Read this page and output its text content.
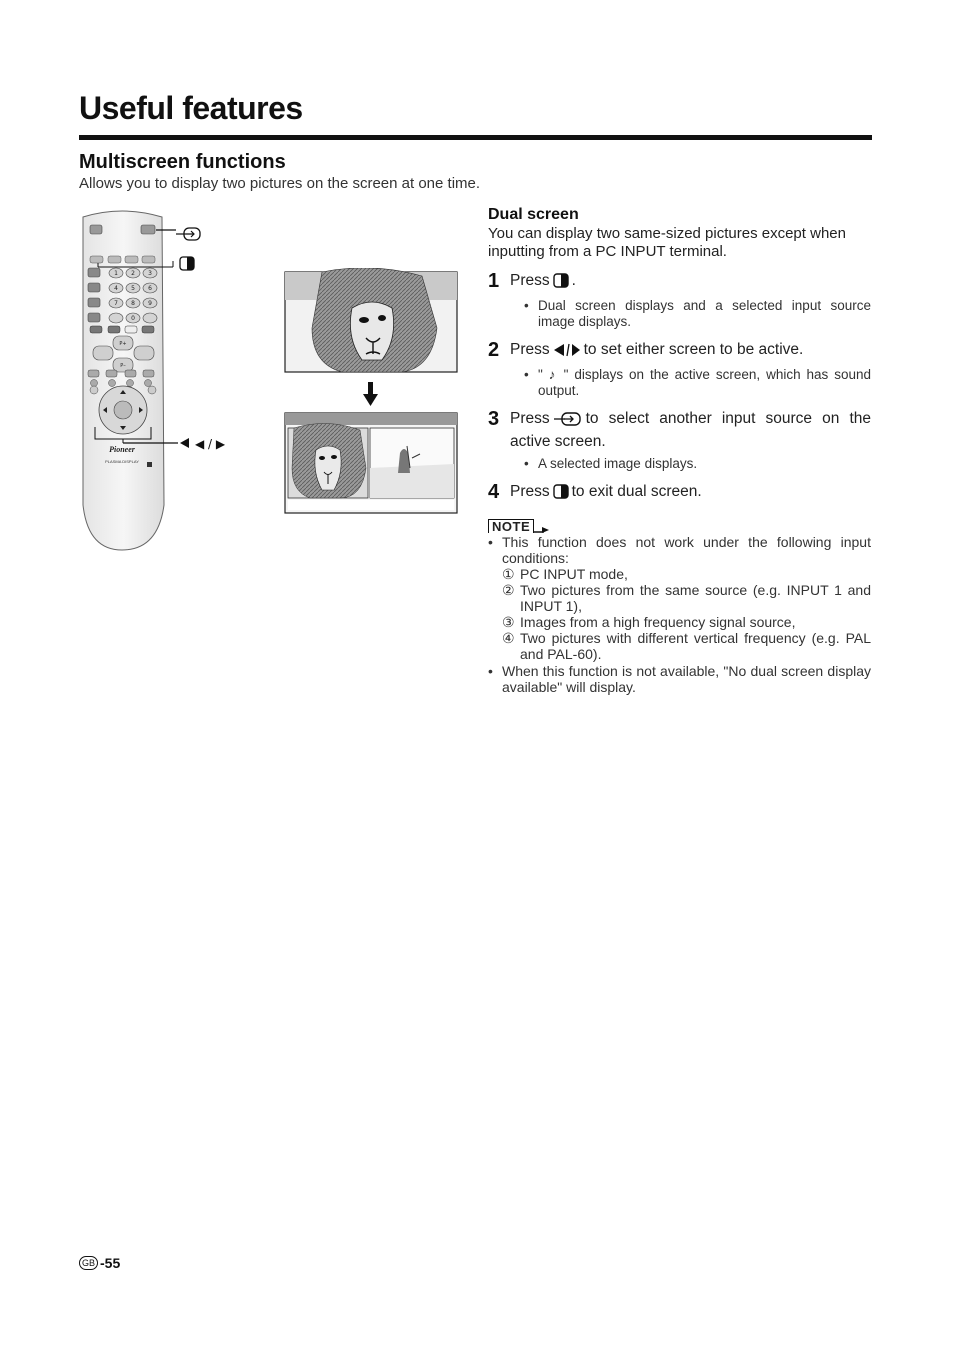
Useful features
Multiscreen functions

Allows you to display two pictures on the screen at one time.

1 2 3
4 5 6
7 8 9
0
P+
P–
◀ / ▶
Pioneer
PLASMA DISPLAY
Dual screen

You can display two same-sized pictures except when inputting from a PC INPUT terminal.

1 Press .
• Dual screen displays and a selected input source image displays.
2 Press to set either screen to be active.
• " ♪ " displays on the active screen, which has sound output.
3 Press to select another input source on the active screen.
• A selected image displays.
4 Press to exit dual screen.
NOTE
• This function does not work under the following input conditions:
① PC INPUT mode,
② Two pictures from the same source (e.g. INPUT 1 and INPUT 1),
③ Images from a high frequency signal source,
④ Two pictures with different vertical frequency (e.g. PAL and PAL-60).
• When this function is not available, "No dual screen display available" will display.
GB -55
